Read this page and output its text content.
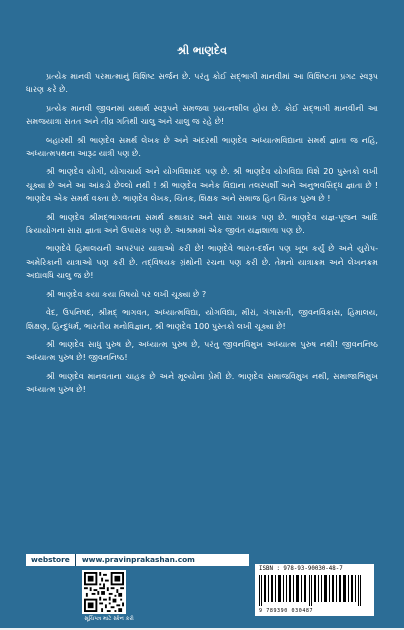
શ્રી ભાણદેવ

પ્રત્યેક માનવી પરમાત્માનું વિશિષ્ટ સર્જન છે. પરંતુ કોઈ સદ્‌ભાગી માનવીમાં આ વિશિષ્ટતા પ્રગટ સ્વરૂપ ધારણ કરે છે.

પ્રત્યેક માનવી જીવનમાં યથાર્થ સ્વરૂપને સમજવા પ્રયત્નશીલ હોય છે. કોઈ સદ્‌ભાગી માનવીની આ સમજયાત્રા સતત અને તીવ્ર ગતિથી ચાલુ અને ચાલુ જ રહે છે!

બહારથી શ્રી ભાણદેવ સમર્થ લેખક છે અને અંદરથી ભાણદેવ અધ્યાત્મવિદ્યાના સમર્થ જ્ઞાતા જ નહિ, અધ્યાત્મપથના આરૂઢ યાત્રી પણ છે.

શ્રી ભાણદેવ યોગી, યોગાચાર્ય અને યોગવિશારદ પણ છે. શ્રી ભાણદેવ યોગવિદ્યા વિશે 20 પુસ્તકો લખી ચૂક્યા છે અને આ આંકડો છેલ્લો નથી ! શ્રી ભાણદેવ અનેક વિદ્યાના તલસ્પર્શી અને અનુભવસિદ્ધ જ્ઞાતા છે ! ભાણદેવ એક સમર્થ વક્તા છે. ભાણદેવ લેખક, ચિંતક, શિક્ષક અને સમાજ હિત ચિંતક પુરુષ છે !

શ્રી ભાણદેવ શ્રીમદ્‌ભાગવતના સમર્થ કથાકાર અને સારા ગાયક પણ છે. ભાણદેવ યજ્ઞ-પૂજન આદિ ક્રિયાયોગના સારા જ્ઞાતા અને ઉપાસક પણ છે. આશ્રમમાં એક જીવંત યજ્ઞશાળા પણ છે.

ભાણદેવે હિમાલયની અપરંપાર યાત્રાઓ કરી છે! ભાણદેવે ભારત-દર્શન પણ ખૂબ કર્યું છે અને યુરોપ-અમેરિકાની યાત્રાઓ પણ કરી છે. તદ્‌વિષયક ગ્રંથોની રચના પણ કરી છે. તેમનો યાત્રાક્રમ અને લેખનક્રમ અદ્યાવધિ ચાલુ જ છે!

શ્રી ભાણદેવ કયા કયા વિષયો પર લખી ચૂક્યા છે ?

વેદ, ઉપનિષદ, શ્રીમદ્‌ ભાગવત, અધ્યાત્મવિદ્યા, યોગવિદ્યા, મીરાં, ગંગાસતી, જીવનવિકાસ, હિમાલય, શિક્ષણ, હિન્દુધર્મ, ભારતીય મનોવિજ્ઞાન, શ્રી ભાણદેવ 100 પુસ્તકો લખી ચૂક્યા છે!

શ્રી ભાણદેવ સાધુ પુરુષ છે, અધ્યાત્મ પુરુષ છે, પરંતુ જીવનવિમુખ અધ્યાત્મ પુરુષ નથી! જીવનનિષ્ઠ અધ્યાત્મ પુરુષ છે! જીવનનિષ્ઠ!

શ્રી ભાણદેવ માનવતાના ચાહક છે અને મૂલ્યોના પ્રેમી છે. ભાણદેવ સમાજવિમુખ નથી, સમાજાભિમુખ અધ્યાત્મ પુરુષ છે!

webstore	www.pravinprakashan.com
સૂચિપત્ર માટે સ્કેન કરો
ISBN : 978-93-90030-48-7
9 789390 030487
